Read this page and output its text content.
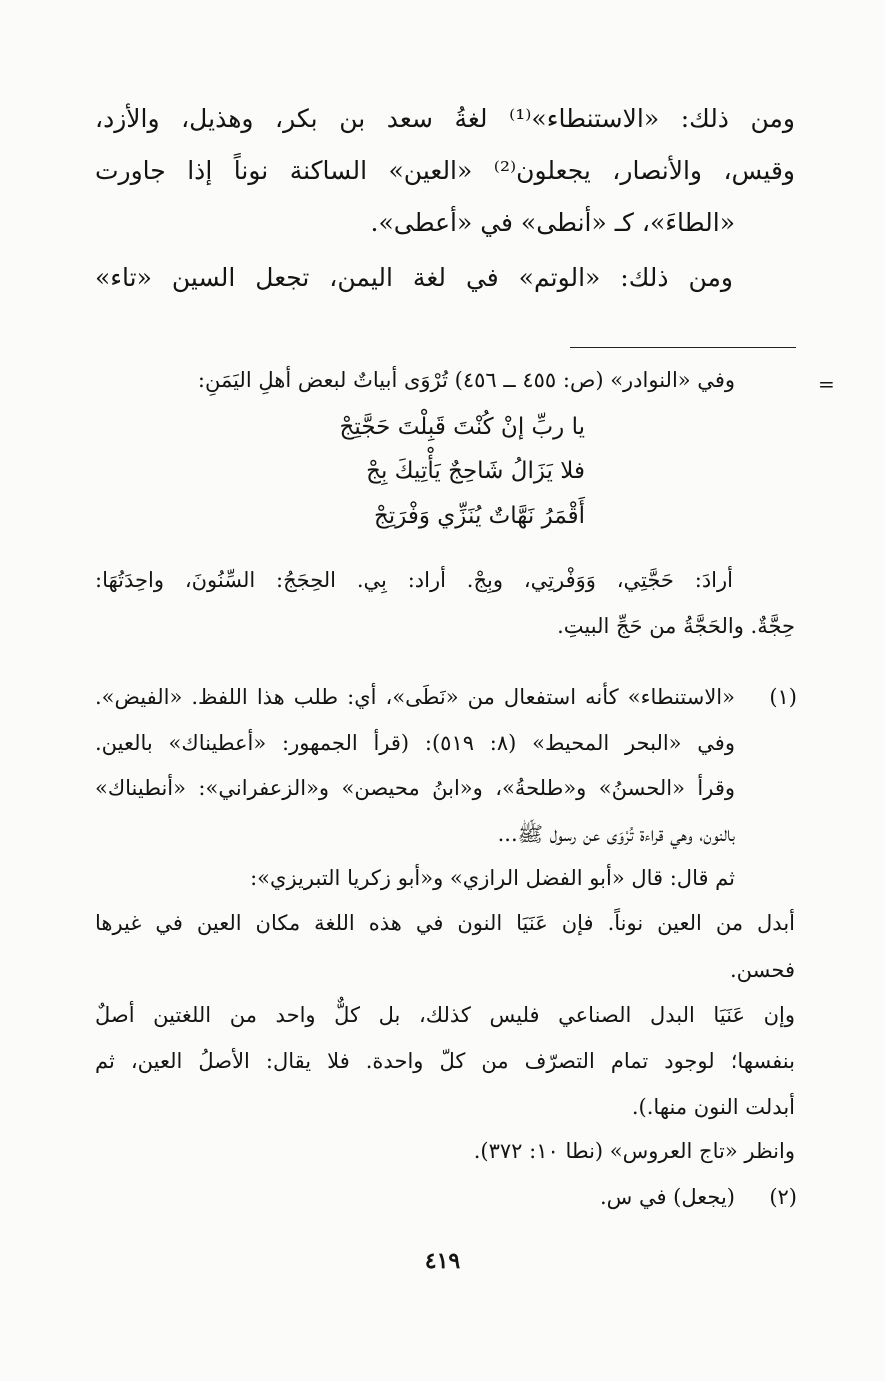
ومن ذلك: «الاستنطاء»⁽¹⁾ لغةُ سعد بن بكر، وهذيل، والأزد،
وقيس، والأنصار، يجعلون⁽²⁾ «العين» الساكنة نوناً إذا جاورت
«الطاءَ»، كـ «أنطى» في «أعطى».
ومن ذلك: «الوتم» في لغة اليمن، تجعل السين «تاء»
=
وفي «النوادر» (ص: ٤٥٥ ــ ٤٥٦) تُرْوَى أبياتٌ لبعض أهلِ اليَمَنِ:
يا ربِّ إنْ كُنْتَ قَبِلْتَ حَجَّتِجْ
فلا يَزَالُ شَاحِجٌ يَأْتِيكَ بِجْ
أَقْمَرُ نَهَّاتٌ يُنَزِّي وَفْرَتِجْ
أرادَ: حَجَّتِي، وَوَفْرتِي، وبِجْ. أراد: بِي. الحِجَجُ: السِّنُونَ، واحِدَتُهَا:
حِجَّةٌ. والحَجَّةُ من حَجِّ البيتِ.
(١)
«الاستنطاء» كأنه استفعال من «نَطَى»، أي: طلب هذا اللفظ. «الفيض».
وفي «البحر المحيط» (٨: ٥١٩): (قرأ الجمهور: «أعطيناك» بالعين.
وقرأ «الحسنُ» و«طلحةُ»، و«ابنُ محيصن» و«الزعفراني»: «أنطيناك»
بالنون، وهي قراءة تُرْوَى عن رسول ﷺ...
ثم قال: قال «أبو الفضل الرازي» و«أبو زكريا التبريزي»:
أبدل من العين نوناً. فإن عَنَيَا النون في هذه اللغة مكان العين في غيرها
فحسن.
وإن عَنَيَا البدل الصناعي فليس كذلك، بل كلٌّ واحد من اللغتين أصلٌ
بنفسها؛ لوجود تمام التصرّف من كلّ واحدة. فلا يقال: الأصلُ العين، ثم
أبدلت النون منها.).
وانظر «تاج العروس» (نطا ١٠: ٣٧٢).
(٢)
(يجعل) في س.
٤١٩
